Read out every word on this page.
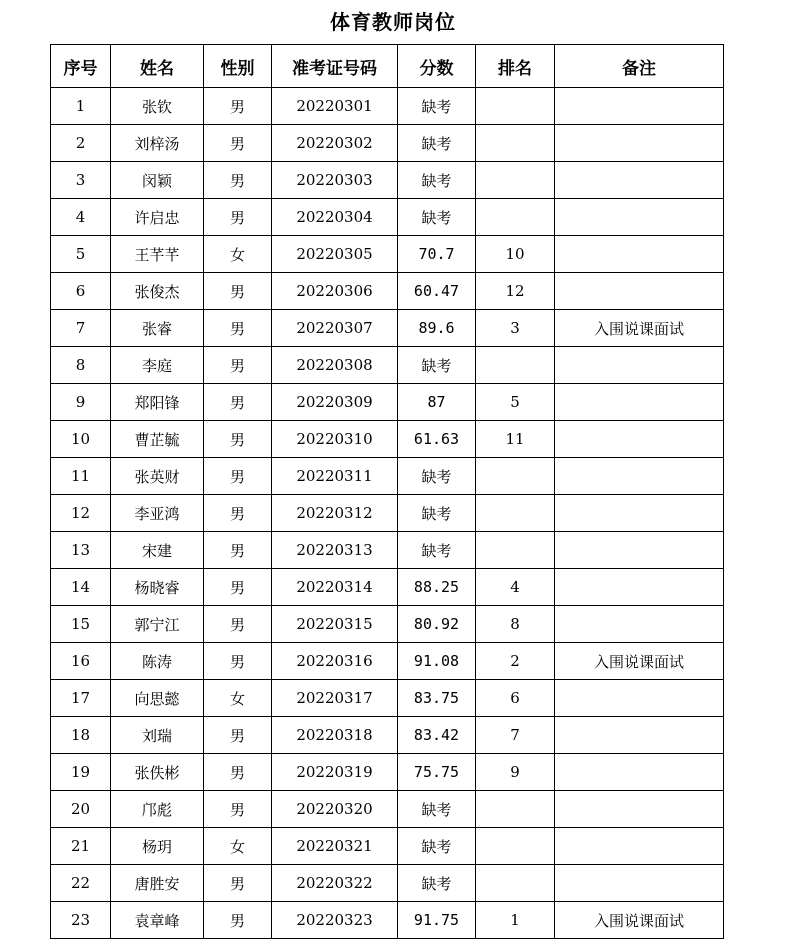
体育教师岗位
序号	姓名	性别	准考证号码	分数	排名	备注
1	张钦	男	20220301	缺考		
2	刘梓汤	男	20220302	缺考		
3	闵颖	男	20220303	缺考		
4	许启忠	男	20220304	缺考		
5	王芊芊	女	20220305	70.7	10	
6	张俊杰	男	20220306	60.47	12	
7	张睿	男	20220307	89.6	3	入围说课面试
8	李庭	男	20220308	缺考		
9	郑阳锋	男	20220309	87	5	
10	曹芷毓	男	20220310	61.63	11	
11	张英财	男	20220311	缺考		
12	李亚鸿	男	20220312	缺考		
13	宋建	男	20220313	缺考		
14	杨晓睿	男	20220314	88.25	4	
15	郭宁江	男	20220315	80.92	8	
16	陈涛	男	20220316	91.08	2	入围说课面试
17	向思懿	女	20220317	83.75	6	
18	刘瑞	男	20220318	83.42	7	
19	张佚彬	男	20220319	75.75	9	
20	邝彪	男	20220320	缺考		
21	杨玥	女	20220321	缺考		
22	唐胜安	男	20220322	缺考		
23	袁章峰	男	20220323	91.75	1	入围说课面试
